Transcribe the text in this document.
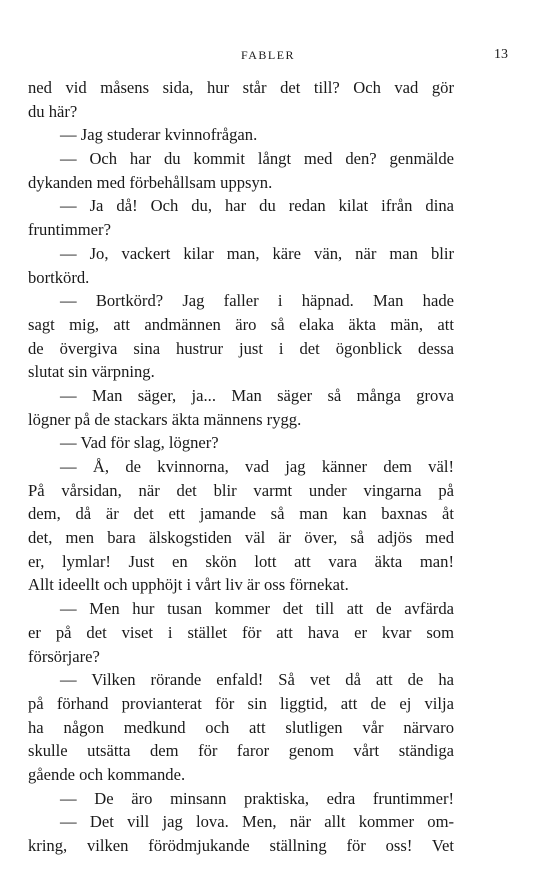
FABLER	13
ned vid måsens sida, hur står det till? Och vad gör
du här?
— Jag studerar kvinnofrågan.
— Och har du kommit långt med den? genmälde
dykanden med förbehållsam uppsyn.
— Ja då! Och du, har du redan kilat ifrån dina
fruntimmer?
— Jo, vackert kilar man, käre vän, när man blir
bortkörd.
— Bortkörd? Jag faller i häpnad. Man hade
sagt mig, att andmännen äro så elaka äkta män, att
de övergiva sina hustrur just i det ögonblick dessa
slutat sin värpning.
— Man säger, ja... Man säger så många grova
lögner på de stackars äkta männens rygg.
— Vad för slag, lögner?
— Å, de kvinnorna, vad jag känner dem väl!
På vårsidan, när det blir varmt under vingarna på
dem, då är det ett jamande så man kan baxnas åt
det, men bara älskogstiden väl är över, så adjös med
er, lymlar! Just en skön lott att vara äkta man!
Allt ideellt och upphöjt i vårt liv är oss förnekat.
— Men hur tusan kommer det till att de avfärda
er på det viset i stället för att hava er kvar som
försörjare?
— Vilken rörande enfald! Så vet då att de ha
på förhand provianterat för sin liggtid, att de ej vilja
ha någon medkund och att slutligen vår närvaro
skulle utsätta dem för faror genom vårt ständiga
gående och kommande.
— De äro minsann praktiska, edra fruntimmer!
— Det vill jag lova. Men, när allt kommer om-
kring, vilken förödmjukande ställning för oss! Vet
